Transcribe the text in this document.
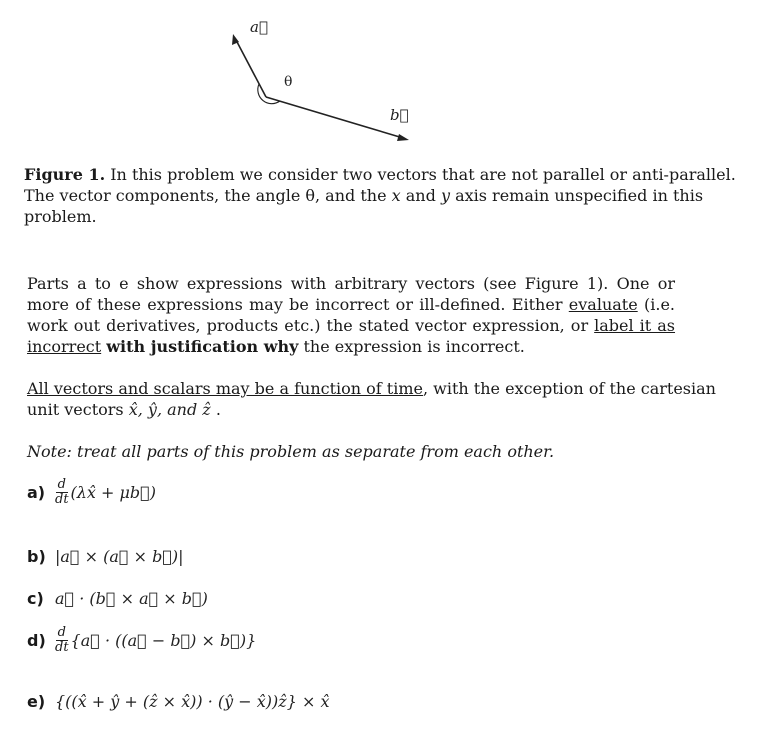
a⃗
θ
b⃗
Figure 1. In this problem we consider two vectors that are not parallel or anti-parallel. The vector components, the angle θ, and the x and y axis remain unspecified in this problem.
Parts a to e show expressions with arbitrary vectors (see Figure 1). One or more of these expressions may be incorrect or ill-defined. Either evaluate (i.e. work out derivatives, products etc.) the stated vector expression, or label it as incorrect with justification why the expression is incorrect.
All vectors and scalars may be a function of time, with the exception of the cartesian unit vectors x̂, ŷ, and ẑ .
Note: treat all parts of this problem as separate from each other.
$a) \frac{d}{dt}$ (λx̂ + μb⃗)
b) |a⃗ × (a⃗ × b⃗)|
c) a⃗ · (b⃗ × a⃗ × b⃗)
$d) \frac{d}{dt}$ {a⃗ · ((a⃗ − b⃗) × b⃗)}
e) {((x̂ + ŷ + (ẑ × x̂)) · (ŷ − x̂))ẑ} × x̂
